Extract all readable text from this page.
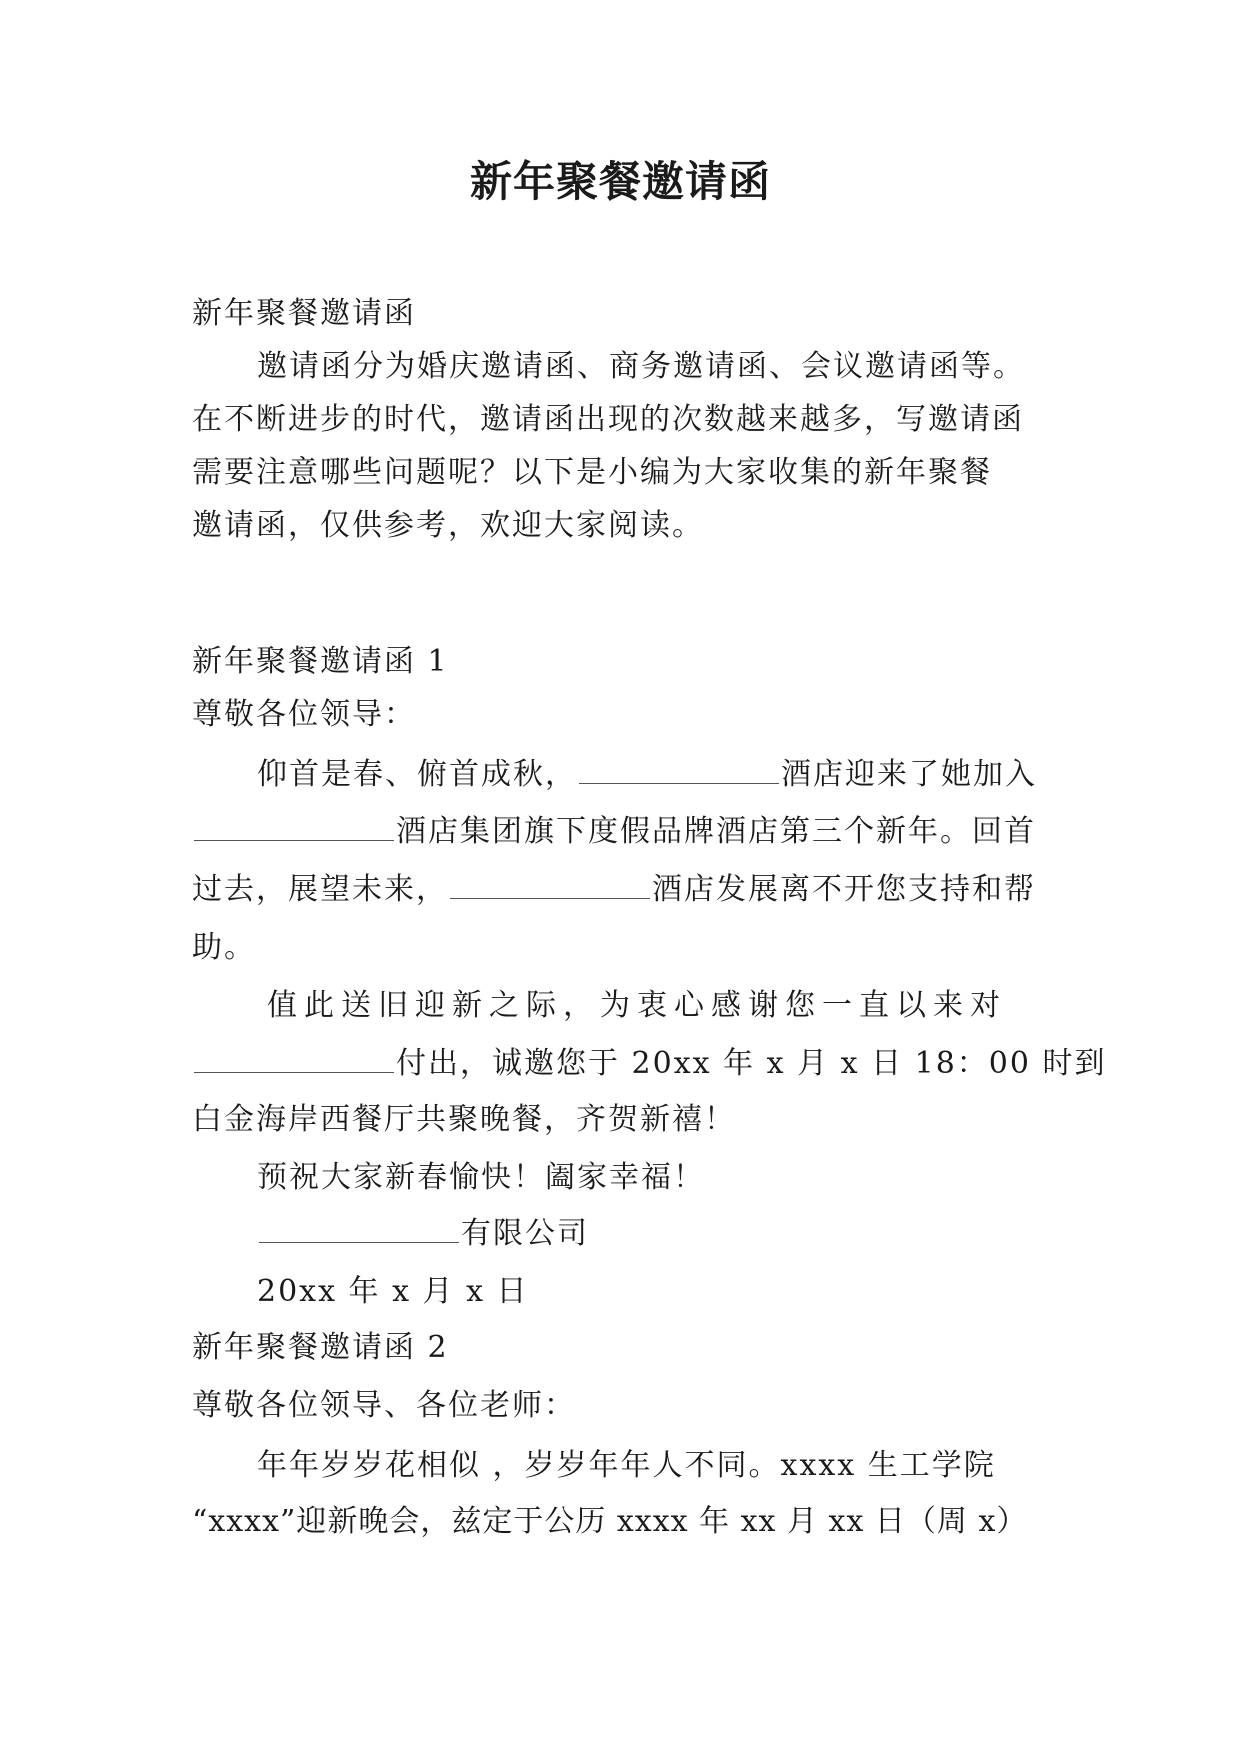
新年聚餐邀请函
新年聚餐邀请函
邀请函分为婚庆邀请函、商务邀请函、会议邀请函等。
在不断进步的时代，邀请函出现的次数越来越多，写邀请函
需要注意哪些问题呢？以下是小编为大家收集的新年聚餐
邀请函，仅供参考，欢迎大家阅读。
新年聚餐邀请函 1
尊敬各位领导：
仰首是春、俯首成秋，	酒店迎来了她加入
酒店集团旗下度假品牌酒店第三个新年。回首
过去，展望未来，	酒店发展离不开您支持和帮
助。
值此送旧迎新之际，为衷心感谢您一直以来对
付出，诚邀您于 20xx 年 x 月 x 日 18：00 时到
白金海岸西餐厅共聚晚餐，齐贺新禧！
预祝大家新春愉快！阖家幸福！
有限公司
20xx 年 x 月 x 日
新年聚餐邀请函 2
尊敬各位领导、各位老师：
年年岁岁花相似 ，岁岁年年人不同。xxxx 生工学院
“xxxx”迎新晚会，兹定于公历 xxxx 年 xx 月 xx 日（周 x）
